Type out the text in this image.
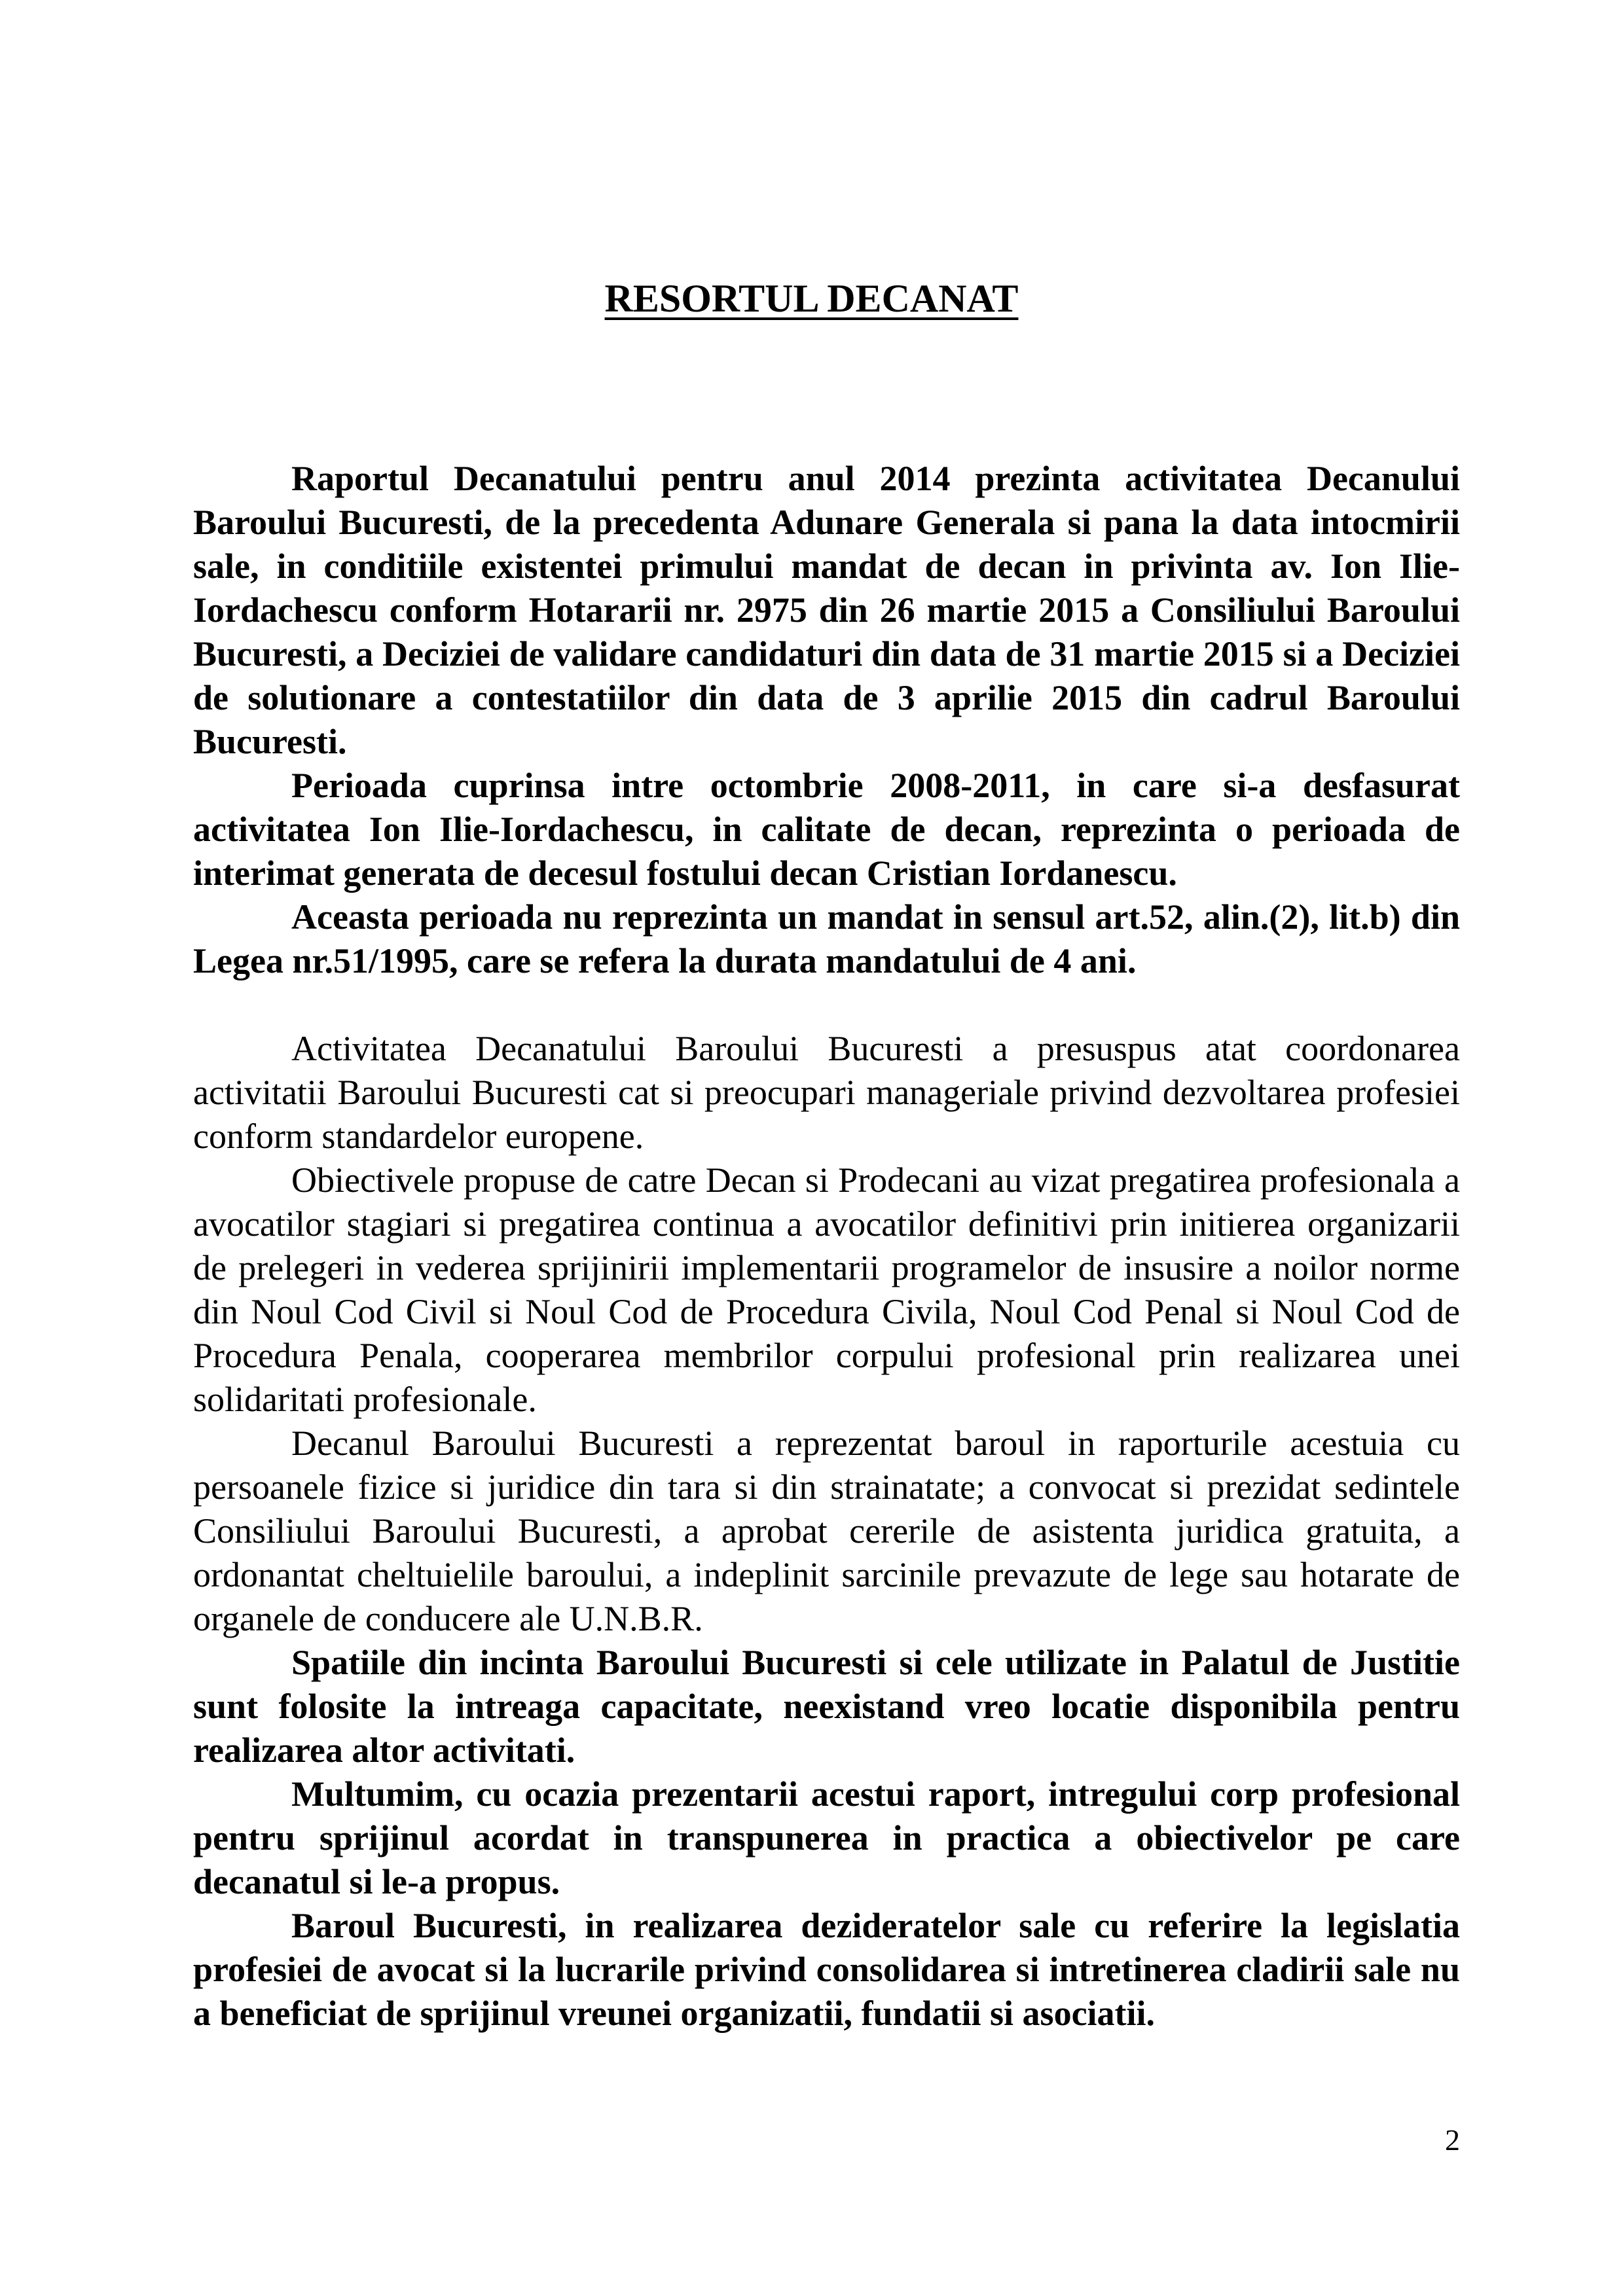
RESORTUL DECANAT

Raportul Decanatului pentru anul 2014 prezinta activitatea Decanului Baroului Bucuresti, de la precedenta Adunare Generala si pana la data intocmirii sale, in conditiile existentei primului mandat de decan in privinta av. Ion Ilie-Iordachescu conform Hotararii nr. 2975 din 26 martie 2015 a Consiliului Baroului Bucuresti, a Deciziei de validare candidaturi din data de 31 martie 2015 si a Deciziei de solutionare a contestatiilor din data de 3 aprilie 2015 din cadrul Baroului Bucuresti.

Perioada cuprinsa intre octombrie 2008-2011, in care si-a desfasurat activitatea Ion Ilie-Iordachescu, in calitate de decan, reprezinta o perioada de interimat generata de decesul fostului decan Cristian Iordanescu.

Aceasta perioada nu reprezinta un mandat in sensul art.52, alin.(2), lit.b) din Legea nr.51/1995, care se refera la durata mandatului de 4 ani.

Activitatea Decanatului Baroului Bucuresti a presuspus atat coordonarea activitatii Baroului Bucuresti cat si preocupari manageriale privind dezvoltarea profesiei conform standardelor europene.

Obiectivele propuse de catre Decan si Prodecani au vizat pregatirea profesionala a avocatilor stagiari si pregatirea continua a avocatilor definitivi prin initierea organizarii de prelegeri in vederea sprijinirii implementarii programelor de insusire a noilor norme din Noul Cod Civil si Noul Cod de Procedura Civila, Noul Cod Penal si Noul Cod de Procedura Penala, cooperarea membrilor corpului profesional prin realizarea unei solidaritati profesionale.

Decanul Baroului Bucuresti a reprezentat baroul in raporturile acestuia cu persoanele fizice si juridice din tara si din strainatate; a convocat si prezidat sedintele Consiliului Baroului Bucuresti, a aprobat cererile de asistenta juridica gratuita, a ordonantat cheltuielile baroului, a indeplinit sarcinile prevazute de lege sau hotarate de organele de conducere ale U.N.B.R.

Spatiile din incinta Baroului Bucuresti si cele utilizate in Palatul de Justitie sunt folosite la intreaga capacitate, neexistand vreo locatie disponibila pentru realizarea altor activitati.

Multumim, cu ocazia prezentarii acestui raport, intregului corp profesional pentru sprijinul acordat in transpunerea in practica a obiectivelor pe care decanatul si le-a propus.

Baroul Bucuresti, in realizarea dezideratelor sale cu referire la legislatia profesiei de avocat si la lucrarile privind consolidarea si intretinerea cladirii sale nu a beneficiat de sprijinul vreunei organizatii, fundatii si asociatii.

2
